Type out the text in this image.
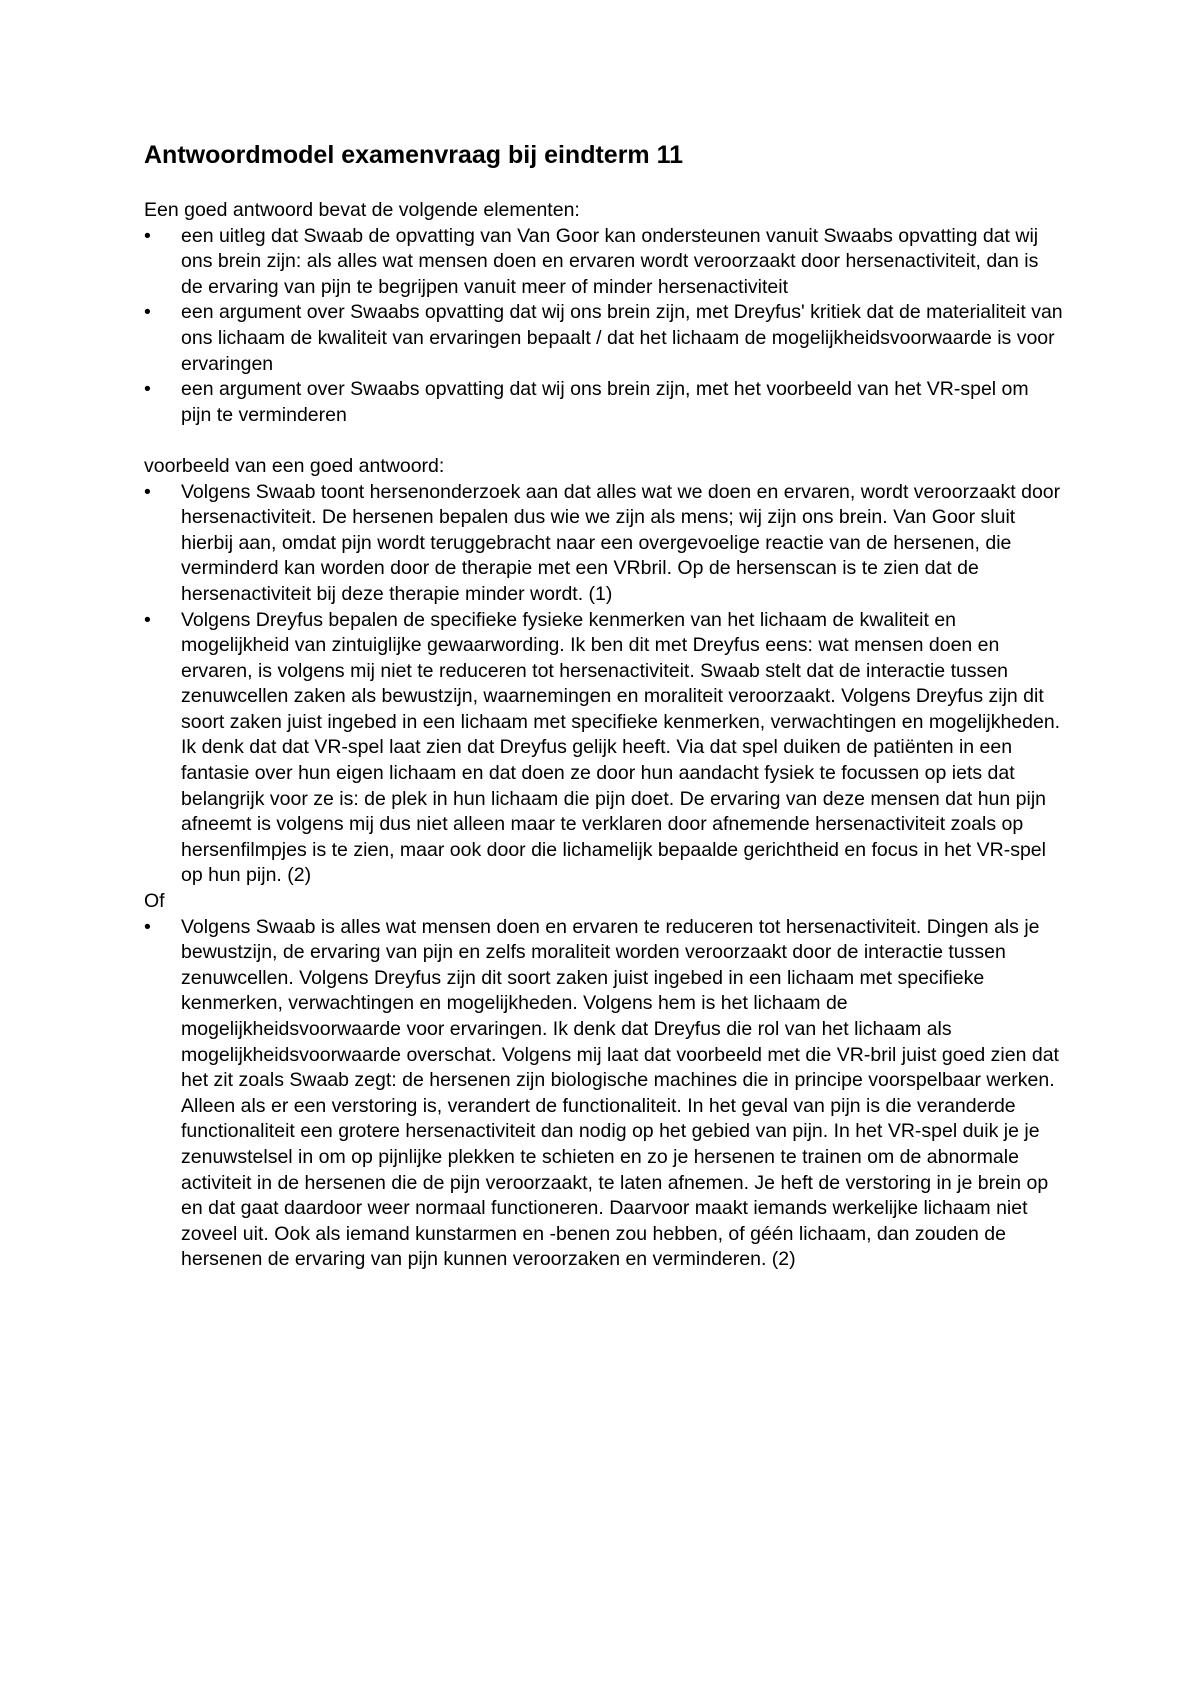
Antwoordmodel examenvraag bij eindterm 11

Een goed antwoord bevat de volgende elementen:

•	een uitleg dat Swaab de opvatting van Van Goor kan ondersteunen vanuit Swaabs opvatting dat wij ons brein zijn: als alles wat mensen doen en ervaren wordt veroorzaakt door hersenactiviteit, dan is de ervaring van pijn te begrijpen vanuit meer of minder hersenactiviteit
•	een argument over Swaabs opvatting dat wij ons brein zijn, met Dreyfus' kritiek dat de materialiteit van ons lichaam de kwaliteit van ervaringen bepaalt / dat het lichaam de mogelijkheidsvoorwaarde is voor ervaringen
•	een argument over Swaabs opvatting dat wij ons brein zijn, met het voorbeeld van het VR-spel om pijn te verminderen

voorbeeld van een goed antwoord:

•	Volgens Swaab toont hersenonderzoek aan dat alles wat we doen en ervaren, wordt veroorzaakt door hersenactiviteit. De hersenen bepalen dus wie we zijn als mens; wij zijn ons brein. Van Goor sluit hierbij aan, omdat pijn wordt teruggebracht naar een overgevoelige reactie van de hersenen, die verminderd kan worden door de therapie met een VRbril. Op de hersenscan is te zien dat de hersenactiviteit bij deze therapie minder wordt. (1)
•	Volgens Dreyfus bepalen de specifieke fysieke kenmerken van het lichaam de kwaliteit en mogelijkheid van zintuiglijke gewaarwording. Ik ben dit met Dreyfus eens: wat mensen doen en ervaren, is volgens mij niet te reduceren tot hersenactiviteit. Swaab stelt dat de interactie tussen zenuwcellen zaken als bewustzijn, waarnemingen en moraliteit veroorzaakt. Volgens Dreyfus zijn dit soort zaken juist ingebed in een lichaam met specifieke kenmerken, verwachtingen en mogelijkheden. Ik denk dat dat VR-spel laat zien dat Dreyfus gelijk heeft. Via dat spel duiken de patiënten in een fantasie over hun eigen lichaam en dat doen ze door hun aandacht fysiek te focussen op iets dat belangrijk voor ze is: de plek in hun lichaam die pijn doet. De ervaring van deze mensen dat hun pijn afneemt is volgens mij dus niet alleen maar te verklaren door afnemende hersenactiviteit zoals op hersenfilmpjes is te zien, maar ook door die lichamelijk bepaalde gerichtheid en focus in het VR-spel op hun pijn. (2)

Of

•	Volgens Swaab is alles wat mensen doen en ervaren te reduceren tot hersenactiviteit. Dingen als je bewustzijn, de ervaring van pijn en zelfs moraliteit worden veroorzaakt door de interactie tussen zenuwcellen. Volgens Dreyfus zijn dit soort zaken juist ingebed in een lichaam met specifieke kenmerken, verwachtingen en mogelijkheden. Volgens hem is het lichaam de mogelijkheidsvoorwaarde voor ervaringen. Ik denk dat Dreyfus die rol van het lichaam als mogelijkheidsvoorwaarde overschat. Volgens mij laat dat voorbeeld met die VR-bril juist goed zien dat het zit zoals Swaab zegt: de hersenen zijn biologische machines die in principe voorspelbaar werken. Alleen als er een verstoring is, verandert de functionaliteit. In het geval van pijn is die veranderde functionaliteit een grotere hersenactiviteit dan nodig op het gebied van pijn. In het VR-spel duik je je zenuwstelsel in om op pijnlijke plekken te schieten en zo je hersenen te trainen om de abnormale activiteit in de hersenen die de pijn veroorzaakt, te laten afnemen. Je heft de verstoring in je brein op en dat gaat daardoor weer normaal functioneren. Daarvoor maakt iemands werkelijke lichaam niet zoveel uit. Ook als iemand kunstarmen en -benen zou hebben, of géén lichaam, dan zouden de hersenen de ervaring van pijn kunnen veroorzaken en verminderen. (2)
